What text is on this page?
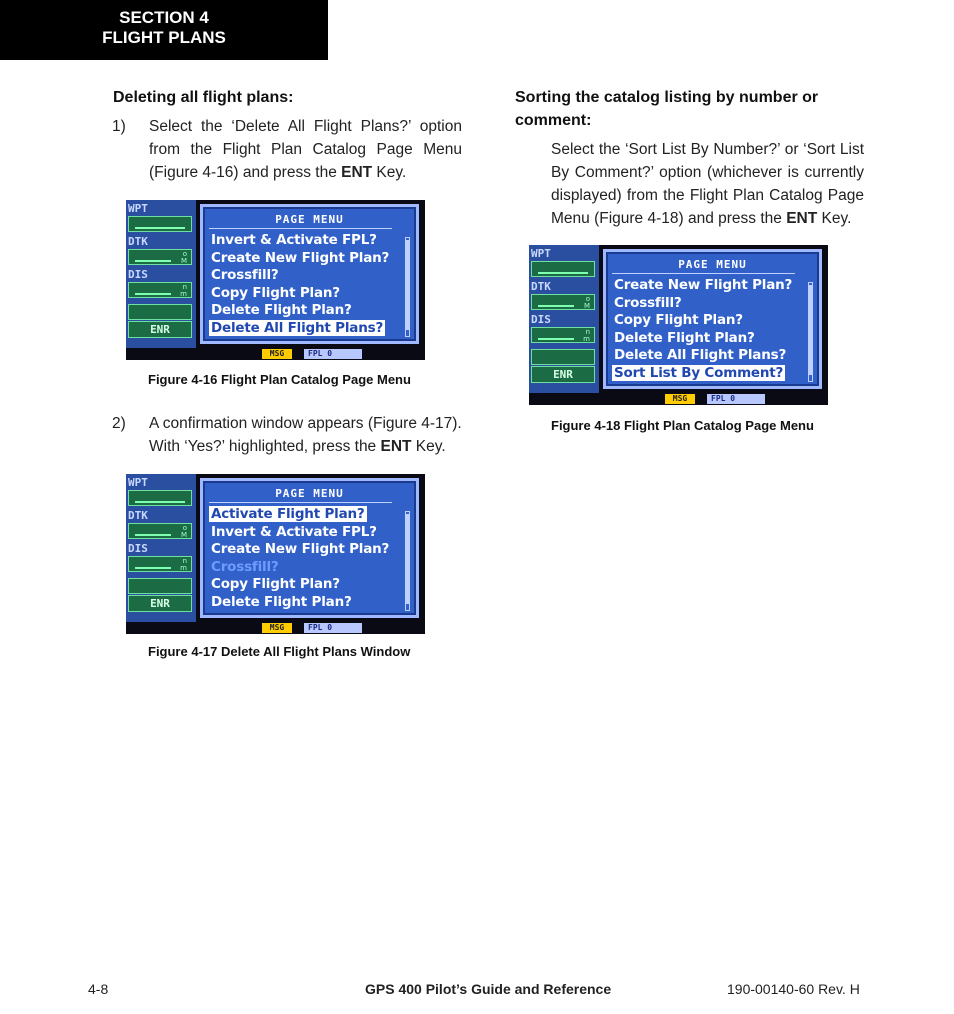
SECTION 4
FLIGHT PLANS
Deleting all flight plans:
1) Select the ‘Delete All Flight Plans?’ option from the Flight Plan Catalog Page Menu (Figure 4-16) and press the ENT Key.
WPT
DTK
o
M
DIS
n
m
ENR
PAGE MENU
Invert & Activate FPL?
Create New Flight Plan?
Crossfill?
Copy Flight Plan?
Delete Flight Plan?
Delete All Flight Plans?
MSG	FPL 0
Figure 4-16 Flight Plan Catalog Page Menu
2) A confirmation window appears (Figure 4-17). With ‘Yes?’ highlighted, press the ENT Key.
WPT
DTK
o
M
DIS
n
m
ENR
PAGE MENU
Activate Flight Plan?
Invert & Activate FPL?
Create New Flight Plan?
Crossfill?
Copy Flight Plan?
Delete Flight Plan?
MSG	FPL 0
Figure 4-17 Delete All Flight Plans Window
Sorting the catalog listing by number or comment:
Select the ‘Sort List By Number?’ or ‘Sort List By Comment?’ option (whichever is currently displayed) from the Flight Plan Catalog Page Menu (Figure 4-18) and press the ENT Key.
WPT
DTK
o
M
DIS
n
m
ENR
PAGE MENU
Create New Flight Plan?
Crossfill?
Copy Flight Plan?
Delete Flight Plan?
Delete All Flight Plans?
Sort List By Comment?
MSG	FPL 0
Figure 4-18 Flight Plan Catalog Page Menu
4-8	GPS 400 Pilot’s Guide and Reference	190-00140-60 Rev. H
